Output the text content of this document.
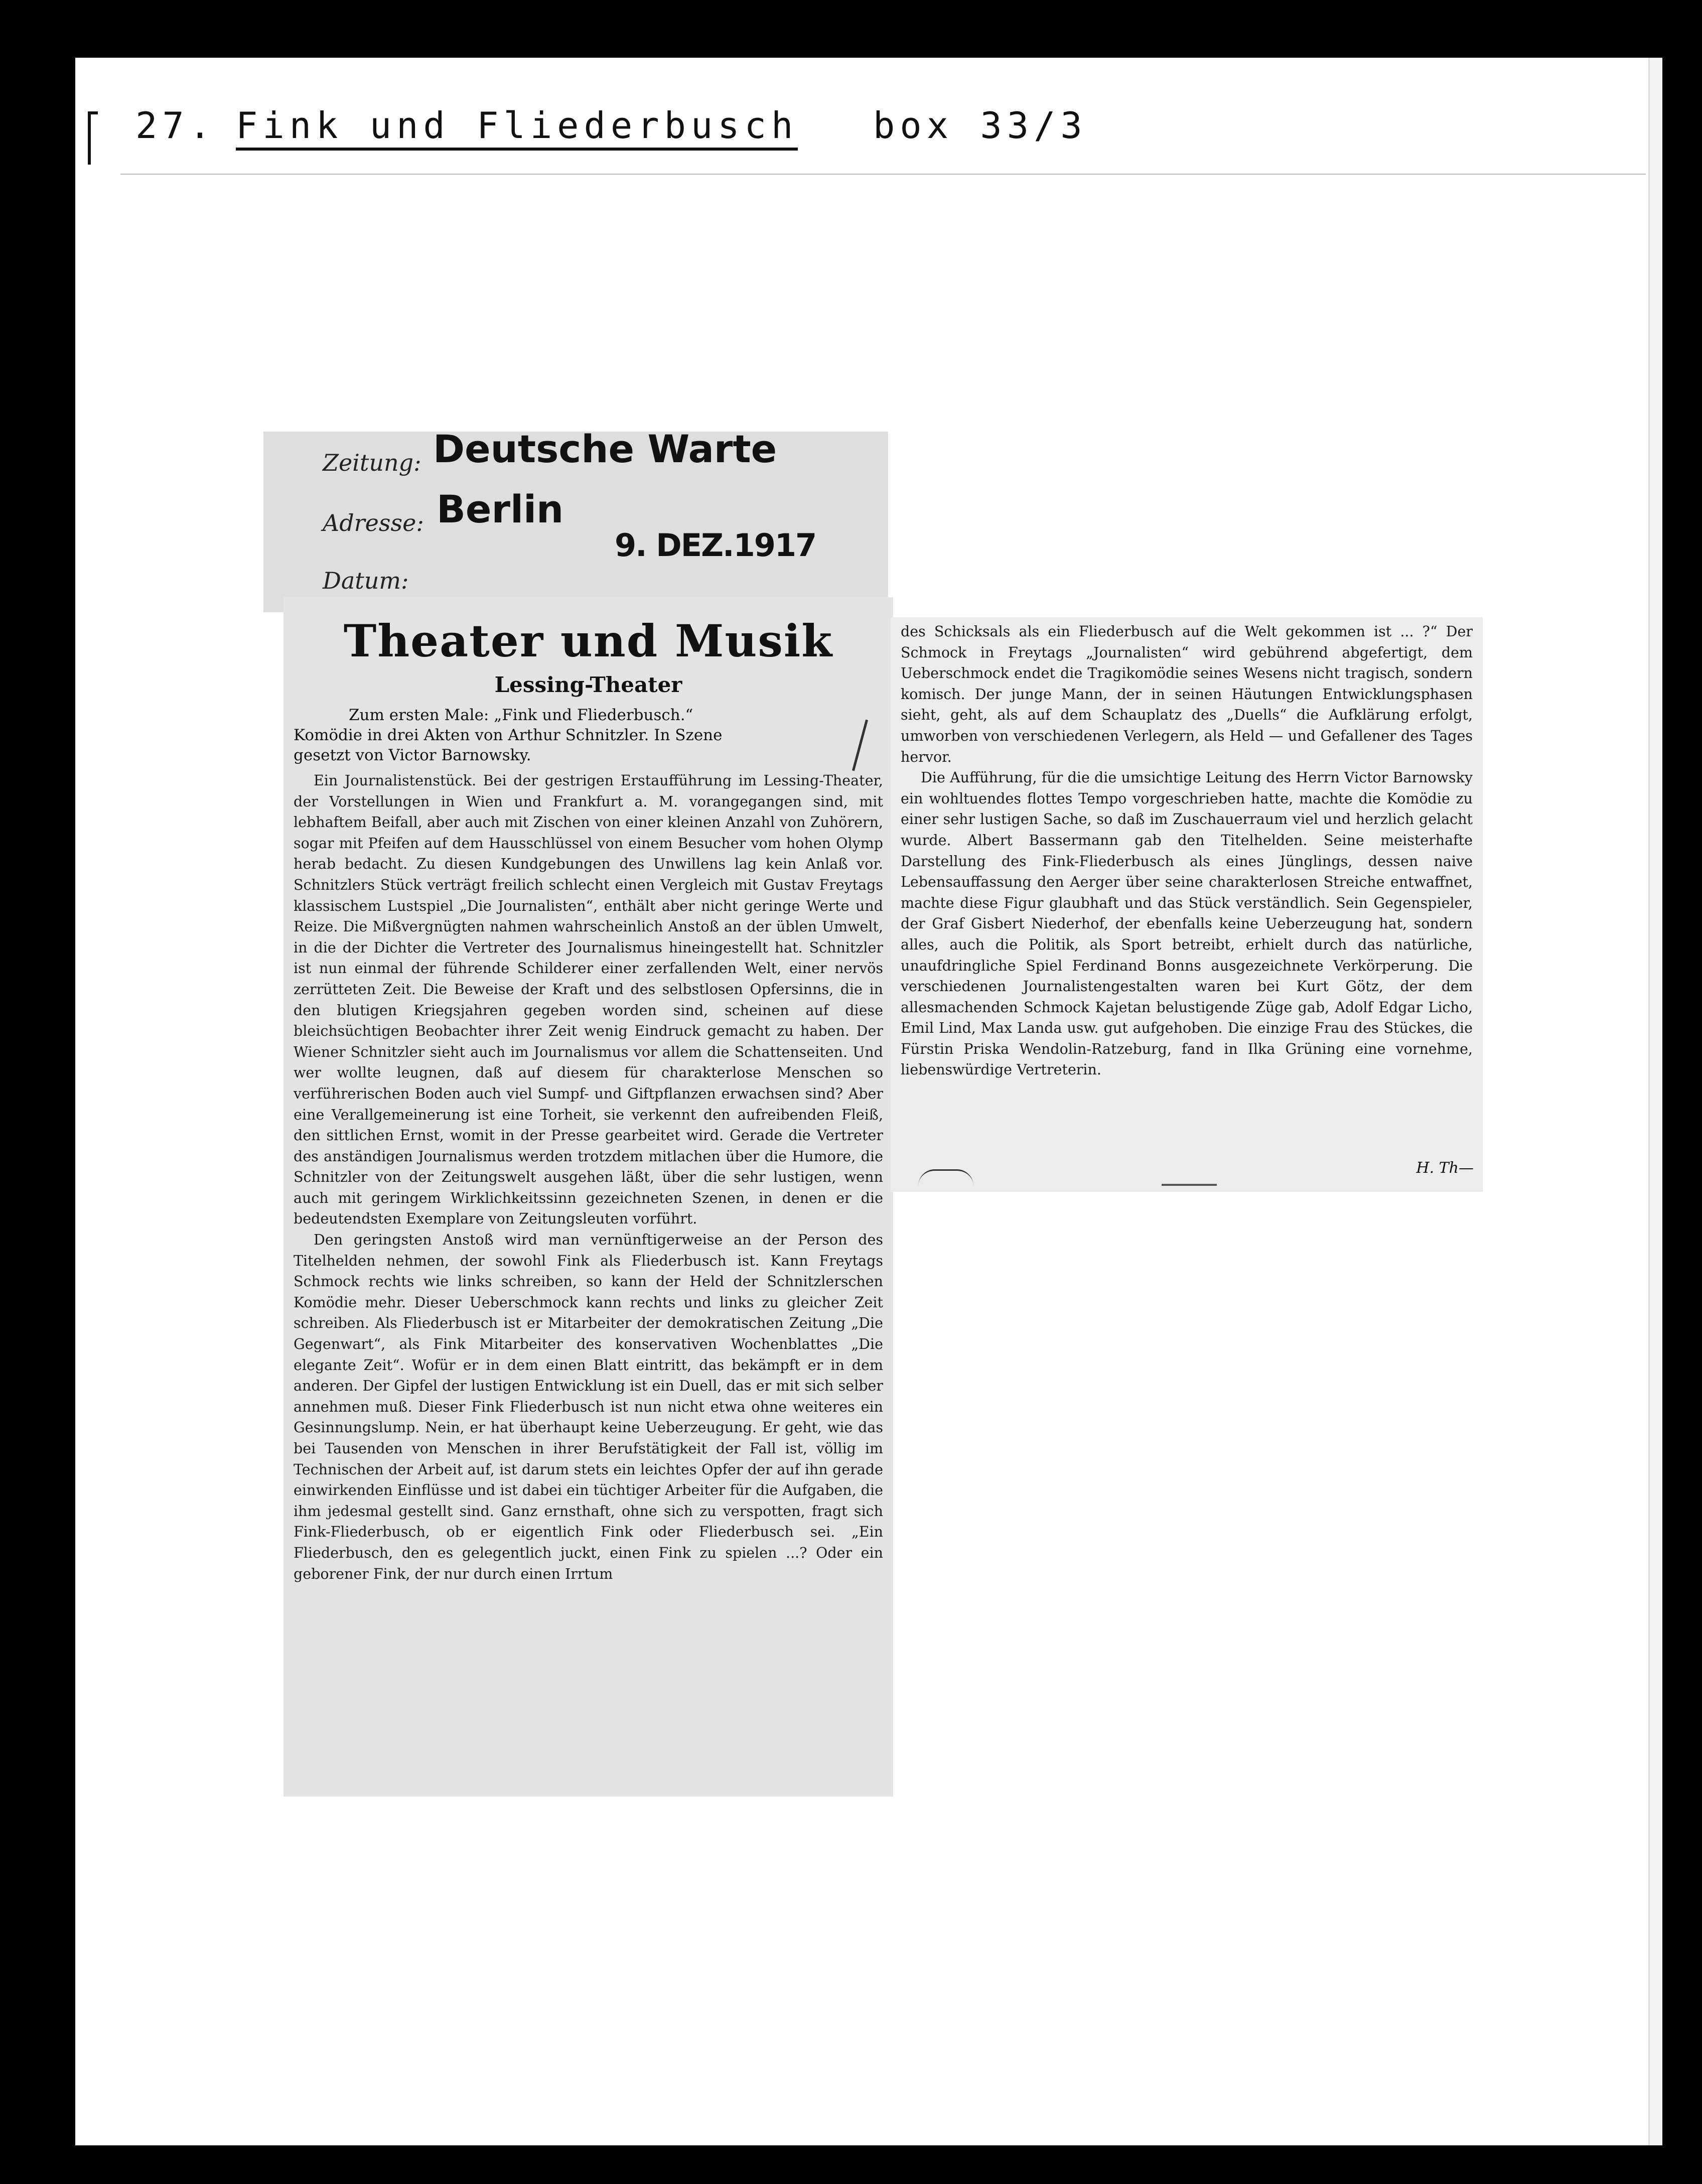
27. Fink und Fliederbusch box 33/3
Zeitung: Deutsche Warte
Adresse: Berlin
Datum:
9. DEZ.1917
Theater und Musik
Lessing-Theater
Zum ersten Male: „Fink und Fliederbusch.“
Komödie in drei Akten von Arthur Schnitzler. In Szene
gesetzt von Victor Barnowsky.

Ein Journalistenstück. Bei der gestrigen Erstaufführung im Lessing-Theater, der Vorstellungen in Wien und Frankfurt a. M. vorangegangen sind, mit lebhaftem Beifall, aber auch mit Zischen von einer kleinen Anzahl von Zuhörern, sogar mit Pfeifen auf dem Hausschlüssel von einem Besucher vom hohen Olymp herab bedacht. Zu diesen Kundgebungen des Unwillens lag kein Anlaß vor. Schnitzlers Stück verträgt freilich schlecht einen Vergleich mit Gustav Freytags klassischem Lustspiel „Die Journalisten“, enthält aber nicht geringe Werte und Reize. Die Mißvergnügten nahmen wahrscheinlich Anstoß an der üblen Umwelt, in die der Dichter die Vertreter des Journalismus hineingestellt hat. Schnitzler ist nun einmal der führende Schilderer einer zerfallenden Welt, einer nervös zerrütteten Zeit. Die Beweise der Kraft und des selbstlosen Opfersinns, die in den blutigen Kriegsjahren gegeben worden sind, scheinen auf diese bleichsüchtigen Beobachter ihrer Zeit wenig Eindruck gemacht zu haben. Der Wiener Schnitzler sieht auch im Journalismus vor allem die Schattenseiten. Und wer wollte leugnen, daß auf diesem für charakterlose Menschen so verführerischen Boden auch viel Sumpf- und Giftpflanzen erwachsen sind? Aber eine Verallgemeinerung ist eine Torheit, sie verkennt den aufreibenden Fleiß, den sittlichen Ernst, womit in der Presse gearbeitet wird. Gerade die Vertreter des anständigen Journalismus werden trotzdem mitlachen über die Humore, die Schnitzler von der Zeitungswelt ausgehen läßt, über die sehr lustigen, wenn auch mit geringem Wirklichkeitssinn gezeichneten Szenen, in denen er die bedeutendsten Exemplare von Zeitungsleuten vorführt.

Den geringsten Anstoß wird man vernünftigerweise an der Person des Titelhelden nehmen, der sowohl Fink als Fliederbusch ist. Kann Freytags Schmock rechts wie links schreiben, so kann der Held der Schnitzlerschen Komödie mehr. Dieser Ueberschmock kann rechts und links zu gleicher Zeit schreiben. Als Fliederbusch ist er Mitarbeiter der demokratischen Zeitung „Die Gegenwart“, als Fink Mitarbeiter des konservativen Wochenblattes „Die elegante Zeit“. Wofür er in dem einen Blatt eintritt, das bekämpft er in dem anderen. Der Gipfel der lustigen Entwicklung ist ein Duell, das er mit sich selber annehmen muß. Dieser Fink Fliederbusch ist nun nicht etwa ohne weiteres ein Gesinnungslump. Nein, er hat überhaupt keine Ueberzeugung. Er geht, wie das bei Tausenden von Menschen in ihrer Berufstätigkeit der Fall ist, völlig im Technischen der Arbeit auf, ist darum stets ein leichtes Opfer der auf ihn gerade einwirkenden Einflüsse und ist dabei ein tüchtiger Arbeiter für die Aufgaben, die ihm jedesmal gestellt sind. Ganz ernsthaft, ohne sich zu verspotten, fragt sich Fink-Fliederbusch, ob er eigentlich Fink oder Fliederbusch sei. „Ein Fliederbusch, den es gelegentlich juckt, einen Fink zu spielen ...? Oder ein geborener Fink, der nur durch einen Irrtum

des Schicksals als ein Fliederbusch auf die Welt gekommen ist ... ?“ Der Schmock in Freytags „Journalisten“ wird gebührend abgefertigt, dem Ueberschmock endet die Tragikomödie seines Wesens nicht tragisch, sondern komisch. Der junge Mann, der in seinen Häutungen Entwicklungsphasen sieht, geht, als auf dem Schauplatz des „Duells“ die Aufklärung erfolgt, umworben von verschiedenen Verlegern, als Held — und Gefallener des Tages hervor.

Die Aufführung, für die die umsichtige Leitung des Herrn Victor Barnowsky ein wohltuendes flottes Tempo vorgeschrieben hatte, machte die Komödie zu einer sehr lustigen Sache, so daß im Zuschauerraum viel und herzlich gelacht wurde. Albert Bassermann gab den Titelhelden. Seine meisterhafte Darstellung des Fink-Fliederbusch als eines Jünglings, dessen naive Lebensauffassung den Aerger über seine charakterlosen Streiche entwaffnet, machte diese Figur glaubhaft und das Stück verständlich. Sein Gegenspieler, der Graf Gisbert Niederhof, der ebenfalls keine Ueberzeugung hat, sondern alles, auch die Politik, als Sport betreibt, erhielt durch das natürliche, unaufdringliche Spiel Ferdinand Bonns ausgezeichnete Verkörperung. Die verschiedenen Journalistengestalten waren bei Kurt Götz, der dem allesmachenden Schmock Kajetan belustigende Züge gab, Adolf Edgar Licho, Emil Lind, Max Landa usw. gut aufgehoben. Die einzige Frau des Stückes, die Fürstin Priska Wendolin-Ratzeburg, fand in Ilka Grüning eine vornehme, liebenswürdige Vertreterin.

H. Th—
